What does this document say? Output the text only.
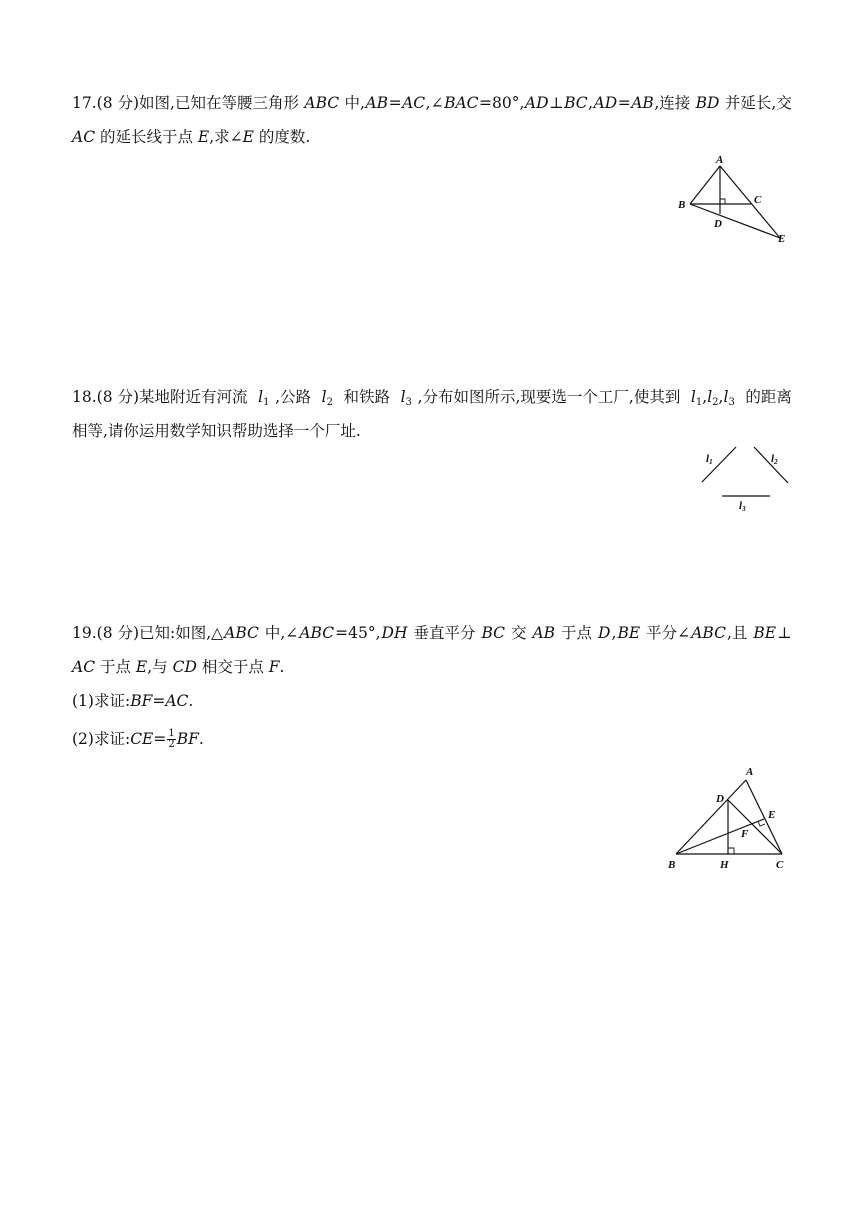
17.(8 分)如图,已知在等腰三角形 ABC 中, AB = AC ,∠ BAC =80°, AD ⊥ BC , AD = AB ,连接 BD 并延长,交
AC 的延长线于点 E ,求∠ E 的度数.
A
B	C
D
E
18.(8 分)某地附近有河流 $l_1$ ,公路 $l_2$ 和铁路 $l_3$ ,分布如图所示,现要选一个工厂,使其到 $l_1,l_2,l_3$ 的距离
相等,请你运用数学知识帮助选择一个厂址.
l1	l2
l3
19.(8 分)已知:如图,△ ABC 中,∠ ABC =45°, DH 垂直平分 BC 交 AB 于点 D , BE 平分∠ ABC ,且 BE ⊥
AC 于点 E ,与 CD 相交于点 F .
(1)求证: BF = AC .
(2)求证: CE = $\frac{1}{2}$ BF .
A
D
E
F
B	H	C
